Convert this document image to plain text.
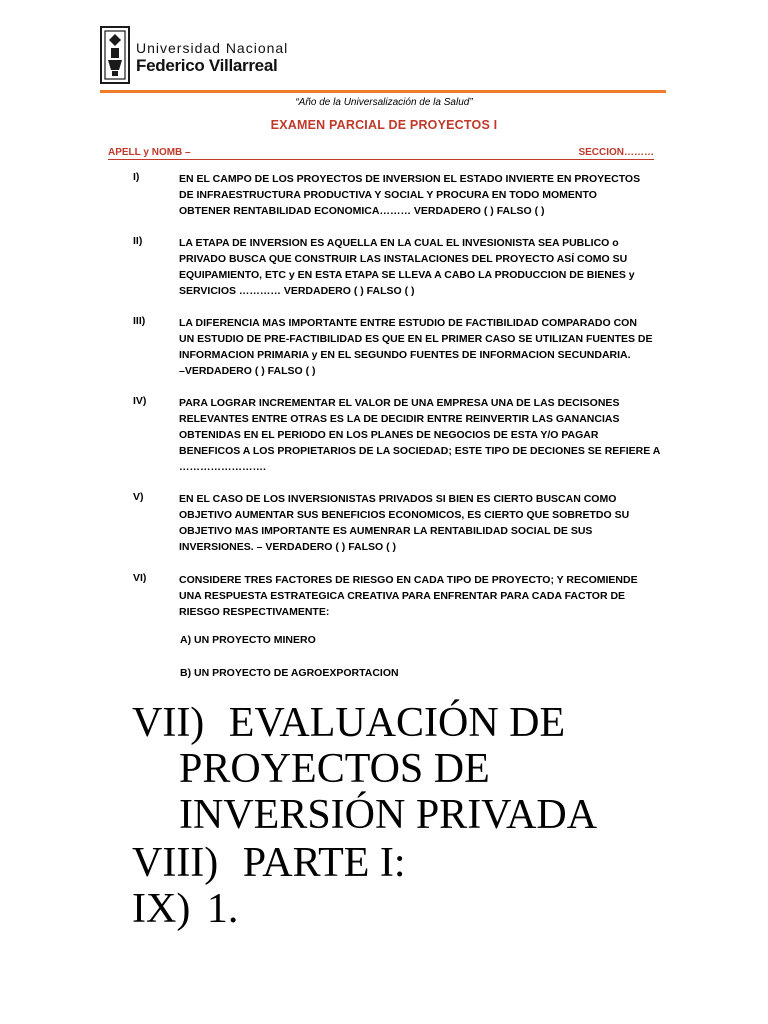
Universidad Nacional
Federico Villarreal
“Año de la Universalización de la Salud”
EXAMEN PARCIAL DE PROYECTOS I
APELL y NOMB –	SECCION………
I)	EN EL CAMPO DE LOS PROYECTOS DE INVERSION EL ESTADO INVIERTE EN PROYECTOS
DE INFRAESTRUCTURA PRODUCTIVA Y SOCIAL Y PROCURA EN TODO MOMENTO
OBTENER RENTABILIDAD ECONOMICA……… VERDADERO ( ) FALSO ( )
II)	LA ETAPA DE INVERSION ES AQUELLA EN LA CUAL EL INVESIONISTA SEA PUBLICO o
PRIVADO BUSCA QUE CONSTRUIR LAS INSTALACIONES DEL PROYECTO ASÍ COMO SU
EQUIPAMIENTO, ETC y EN ESTA ETAPA SE LLEVA A CABO LA PRODUCCION DE BIENES y
SERVICIOS ………… VERDADERO ( ) FALSO ( )
III)	LA DIFERENCIA MAS IMPORTANTE ENTRE ESTUDIO DE FACTIBILIDAD COMPARADO CON
UN ESTUDIO DE PRE-FACTIBILIDAD ES QUE EN EL PRIMER CASO SE UTILIZAN FUENTES DE
INFORMACION PRIMARIA y EN EL SEGUNDO FUENTES DE INFORMACION SECUNDARIA.
–VERDADERO ( ) FALSO ( )
IV)	PARA LOGRAR INCREMENTAR EL VALOR DE UNA EMPRESA UNA DE LAS DECISONES
RELEVANTES ENTRE OTRAS ES LA DE DECIDIR ENTRE REINVERTIR LAS GANANCIAS
OBTENIDAS EN EL PERIODO EN LOS PLANES DE NEGOCIOS DE ESTA Y/O PAGAR
BENEFICOS A LOS PROPIETARIOS DE LA SOCIEDAD; ESTE TIPO DE DECIONES SE REFIERE A
…………………….
V)	EN EL CASO DE LOS INVERSIONISTAS PRIVADOS SI BIEN ES CIERTO BUSCAN COMO
OBJETIVO AUMENTAR SUS BENEFICIOS ECONOMICOS, ES CIERTO QUE SOBRETDO SU
OBJETIVO MAS IMPORTANTE ES AUMENRAR LA RENTABILIDAD SOCIAL DE SUS
INVERSIONES. – VERDADERO ( ) FALSO ( )
VI)	CONSIDERE TRES FACTORES DE RIESGO EN CADA TIPO DE PROYECTO; Y RECOMIENDE
UNA RESPUESTA ESTRATEGICA CREATIVA PARA ENFRENTAR PARA CADA FACTOR DE
RIESGO RESPECTIVAMENTE:
A) UN PROYECTO MINERO
B) UN PROYECTO DE AGROEXPORTACION
VII) EVALUACIÓN DE
PROYECTOS DE
INVERSIÓN PRIVADA
VIII) PARTE I:
IX) 1.
